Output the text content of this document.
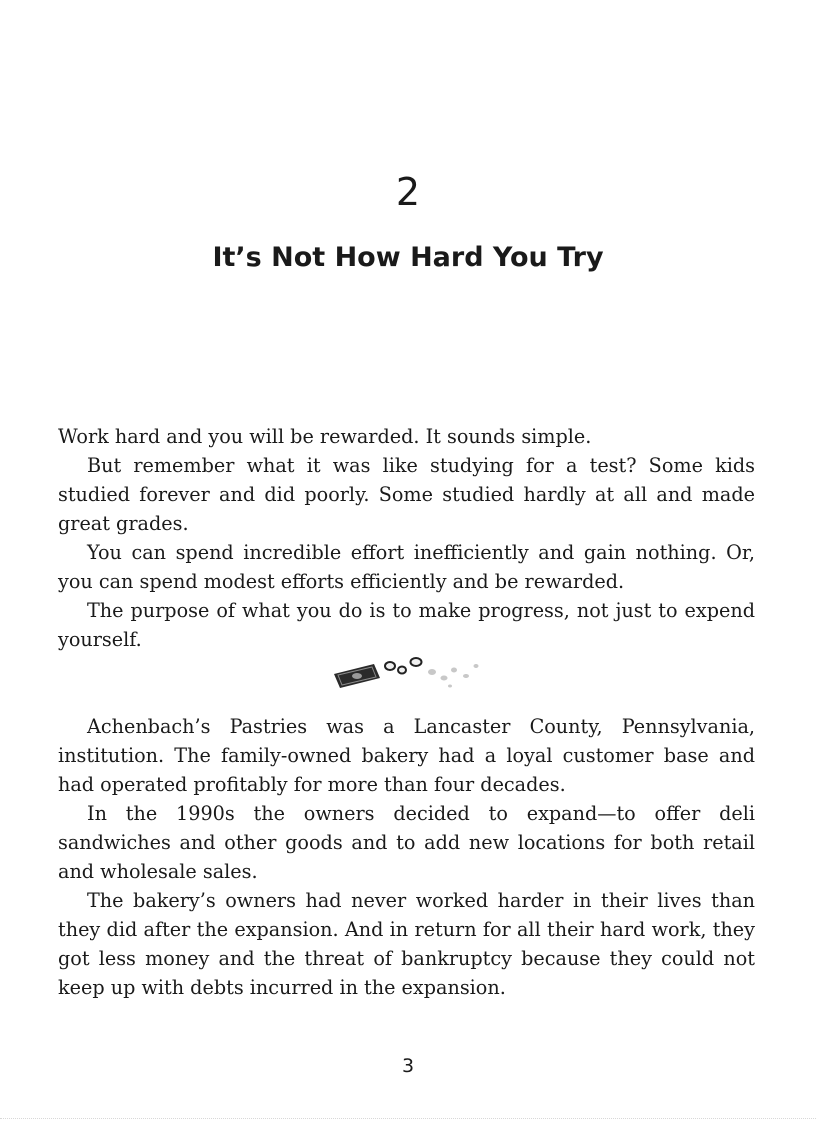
2
It’s Not How Hard You Try

Work hard and you will be rewarded. It sounds simple.

But remember what it was like studying for a test? Some kids studied forever and did poorly. Some studied hardly at all and made great grades.

You can spend incredible effort inefficiently and gain nothing. Or, you can spend modest efforts efficiently and be rewarded.

The purpose of what you do is to make progress, not just to expend yourself.

Achenbach’s Pastries was a Lancaster County, Pennsylvania, institution. The family-owned bakery had a loyal customer base and had operated profitably for more than four decades.

In the 1990s the owners decided to expand—to offer deli sandwiches and other goods and to add new locations for both retail and wholesale sales.

The bakery’s owners had never worked harder in their lives than they did after the expansion. And in return for all their hard work, they got less money and the threat of bankruptcy because they could not keep up with debts incurred in the expansion.

3
